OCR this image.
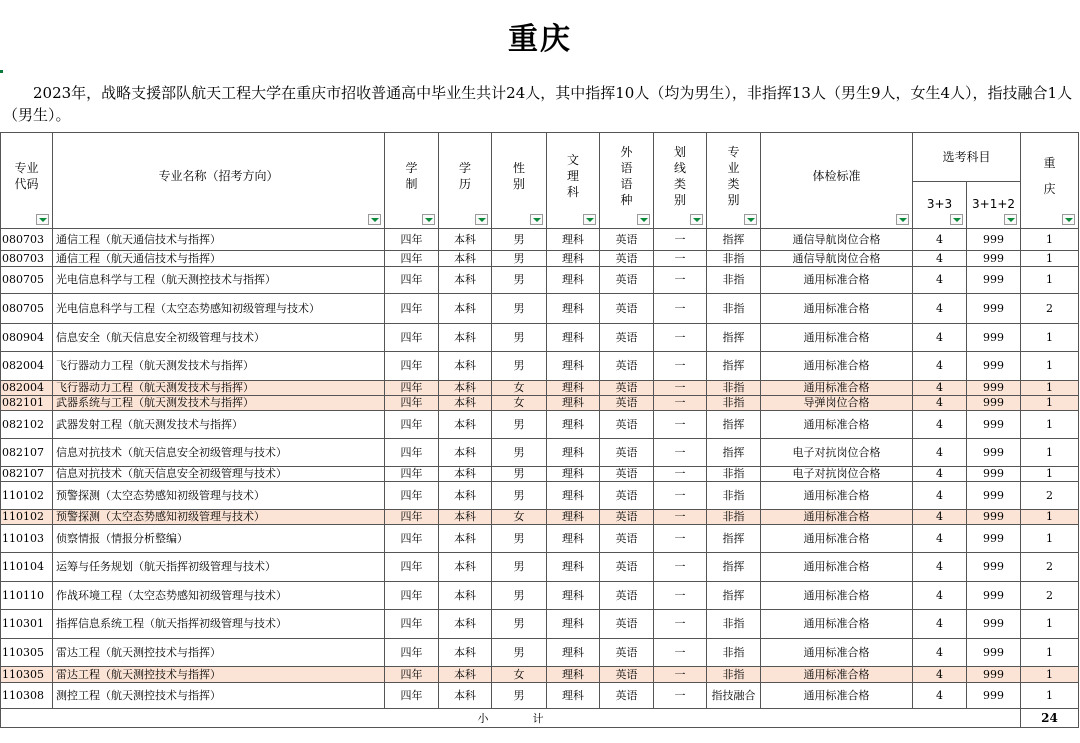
重庆
2023年，战略支援部队航天工程大学在重庆市招收普通高中毕业生共计24人，其中指挥10人（均为男生），非指挥13人（男生9人，女生4人），指技融合1人（男生）。
专业代码	专业名称（招考方向）	学制	学历	性别	文理科	外语语种	划线类别	专业类别	体检标准	选考科目		重庆

										3+3	3+1+2	

080703	通信工程（航天通信技术与指挥）	四年	本科	男	理科	英语	一	指挥	通信导航岗位合格	4	999	1
080703	通信工程（航天通信技术与指挥）	四年	本科	男	理科	英语	一	非指	通信导航岗位合格	4	999	1
080705	光电信息科学与工程（航天测控技术与指挥）	四年	本科	男	理科	英语	一	非指	通用标准合格	4	999	1
080705	光电信息科学与工程（太空态势感知初级管理与技术）	四年	本科	男	理科	英语	一	非指	通用标准合格	4	999	2
080904	信息安全（航天信息安全初级管理与技术）	四年	本科	男	理科	英语	一	指挥	通用标准合格	4	999	1
082004	飞行器动力工程（航天测发技术与指挥）	四年	本科	男	理科	英语	一	指挥	通用标准合格	4	999	1
082004	飞行器动力工程（航天测发技术与指挥）	四年	本科	女	理科	英语	一	非指	通用标准合格	4	999	1
082101	武器系统与工程（航天测发技术与指挥）	四年	本科	女	理科	英语	一	非指	导弹岗位合格	4	999	1
082102	武器发射工程（航天测发技术与指挥）	四年	本科	男	理科	英语	一	指挥	通用标准合格	4	999	1
082107	信息对抗技术（航天信息安全初级管理与技术）	四年	本科	男	理科	英语	一	指挥	电子对抗岗位合格	4	999	1
082107	信息对抗技术（航天信息安全初级管理与技术）	四年	本科	男	理科	英语	一	非指	电子对抗岗位合格	4	999	1
110102	预警探测（太空态势感知初级管理与技术）	四年	本科	男	理科	英语	一	非指	通用标准合格	4	999	2
110102	预警探测（太空态势感知初级管理与技术）	四年	本科	女	理科	英语	一	非指	通用标准合格	4	999	1
110103	侦察情报（情报分析整编）	四年	本科	男	理科	英语	一	指挥	通用标准合格	4	999	1
110104	运筹与任务规划（航天指挥初级管理与技术）	四年	本科	男	理科	英语	一	指挥	通用标准合格	4	999	2
110110	作战环境工程（太空态势感知初级管理与技术）	四年	本科	男	理科	英语	一	指挥	通用标准合格	4	999	2
110301	指挥信息系统工程（航天指挥初级管理与技术）	四年	本科	男	理科	英语	一	非指	通用标准合格	4	999	1
110305	雷达工程（航天测控技术与指挥）	四年	本科	男	理科	英语	一	非指	通用标准合格	4	999	1
110305	雷达工程（航天测控技术与指挥）	四年	本科	女	理科	英语	一	非指	通用标准合格	4	999	1
110308	测控工程（航天测控技术与指挥）	四年	本科	男	理科	英语	一	指技融合	通用标准合格	4	999	1
小　　　　计												24
